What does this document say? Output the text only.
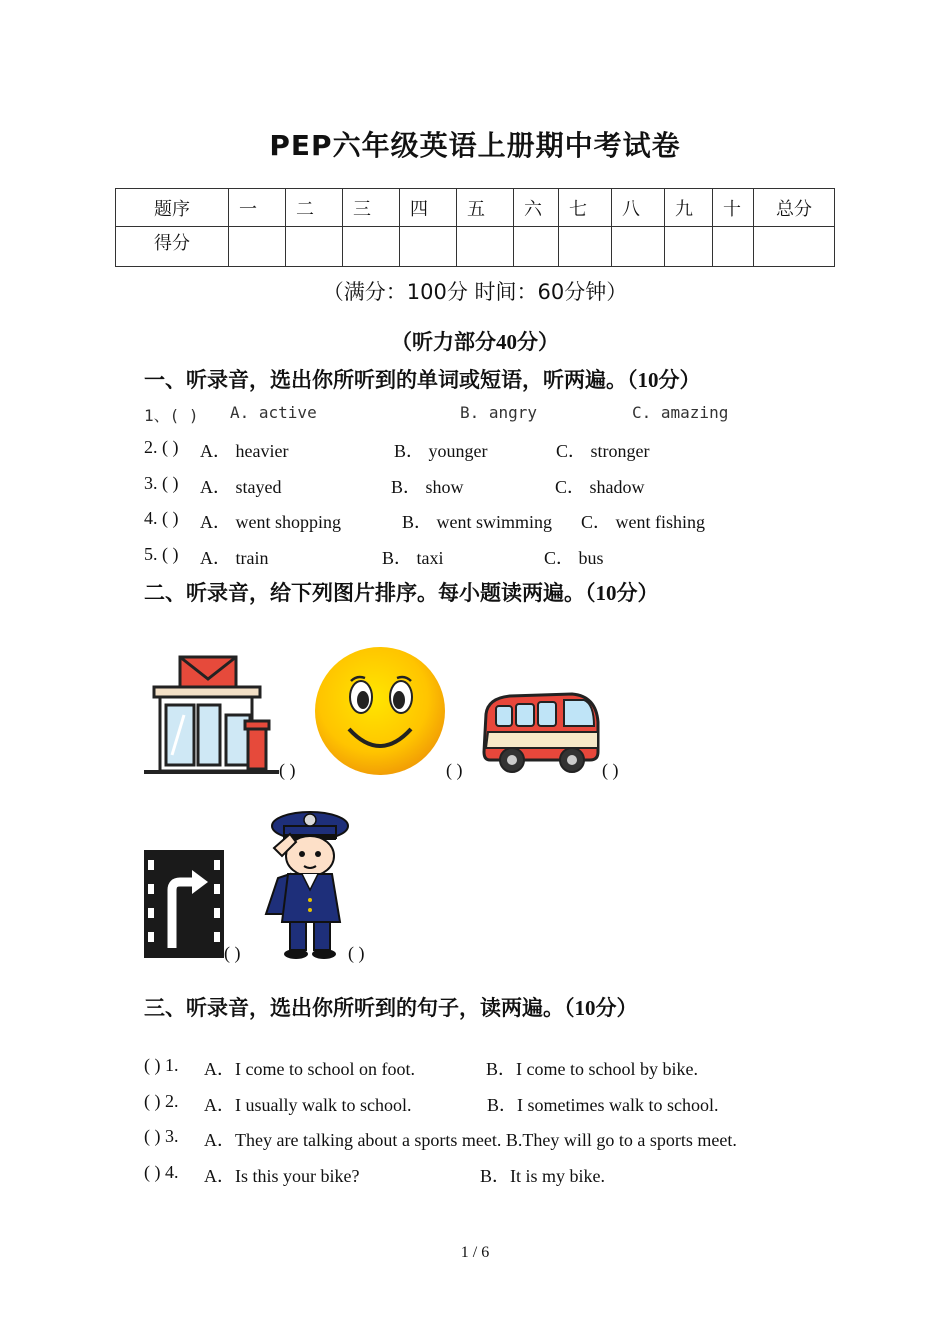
PEP六年级英语上册期中考试卷
题序	一	二	三	四	五	六	七	八	九	十	总分
得分											
（满分：100分 时间：60分钟）
（听力部分40分）
一、听录音，选出你所听到的单词或短语，听两遍。（10分）
1、( ) A. active	B. angry	C. amazing
2. ( ) A． heavier	B． younger	C． stronger
3. ( ) A． stayed	B． show	C． shadow
4. ( ) A． went shopping	B． went swimming C． went fishing
5. ( ) A． train	B． taxi	C． bus
二、听录音，给下列图片排序。每小题读两遍。（10分）
( )	( )	( )
( )	( )
三、听录音，选出你所听到的句子，读两遍。（10分）
( ) 1. A．I come to school on foot.	B．I come to school by bike.
( ) 2. A．I usually walk to school.	B．I sometimes walk to school.
( ) 3. A．They are talking about a sports meet. B.They will go to a sports meet.
( ) 4. A．Is this your bike?	B．It is my bike.
1 / 6
